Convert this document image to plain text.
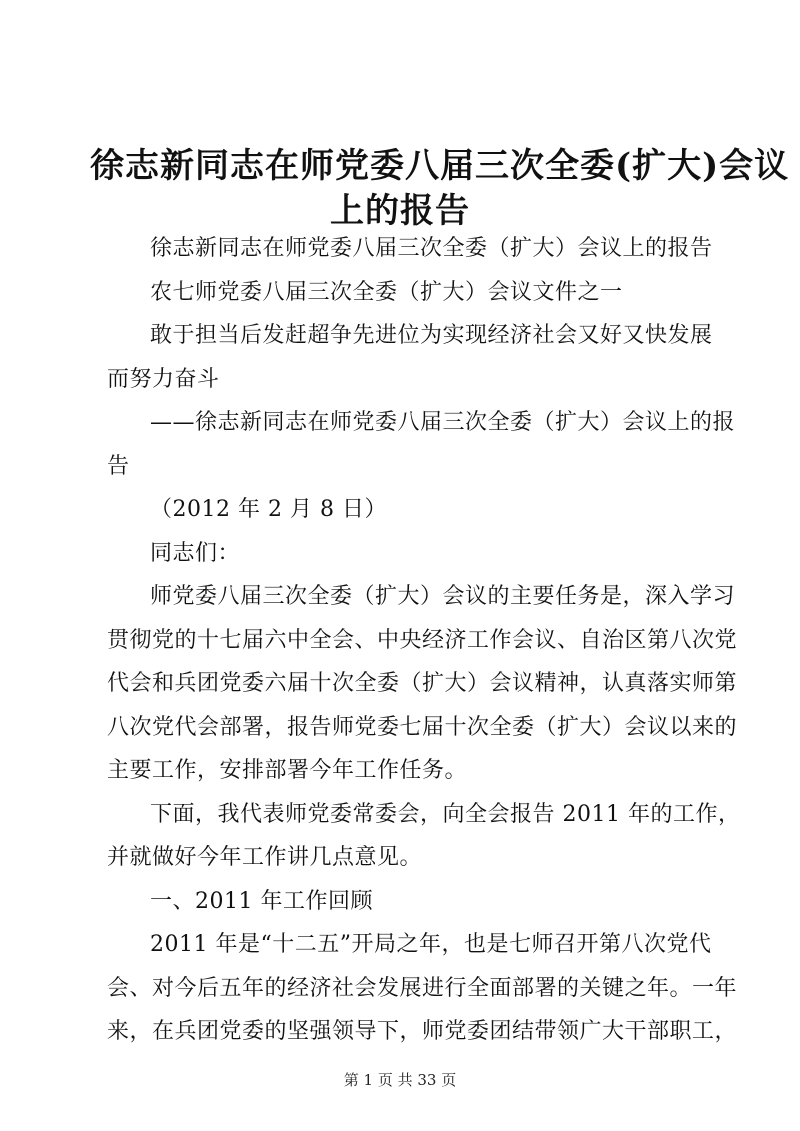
徐志新同志在师党委八届三次全委(扩大)会议
上的报告

徐志新同志在师党委八届三次全委（扩大）会议上的报告

农七师党委八届三次全委（扩大）会议文件之一

敢于担当后发赶超争先进位为实现经济社会又好又快发展

而努力奋斗

——徐志新同志在师党委八届三次全委（扩大）会议上的报

告

（2012 年 2 月 8 日）

同志们：

师党委八届三次全委（扩大）会议的主要任务是，深入学习

贯彻党的十七届六中全会、中央经济工作会议、自治区第八次党

代会和兵团党委六届十次全委（扩大）会议精神，认真落实师第

八次党代会部署，报告师党委七届十次全委（扩大）会议以来的

主要工作，安排部署今年工作任务。

下面，我代表师党委常委会，向全会报告 2011 年的工作，

并就做好今年工作讲几点意见。

一、2011 年工作回顾

2011 年是“十二五”开局之年，也是七师召开第八次党代

会、对今后五年的经济社会发展进行全面部署的关键之年。一年

第 1 页 共 33 页

来，在兵团党委的坚强领导下，师党委团结带领广大干部职工，
